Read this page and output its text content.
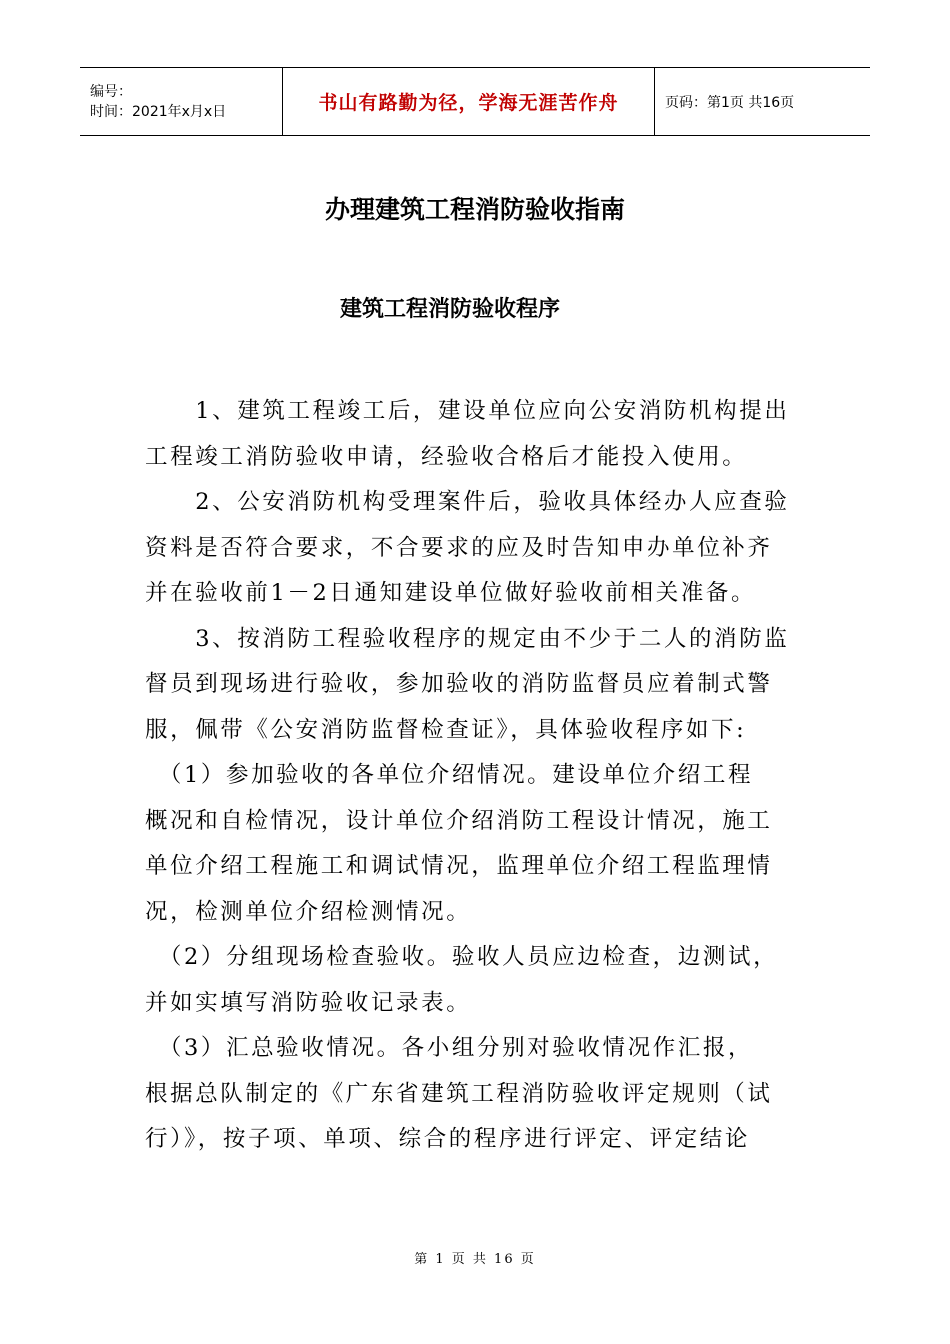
编号：
时间：2021年x月x日	书山有路勤为径，学海无涯苦作舟	页码：第1页 共16页
办理建筑工程消防验收指南
建筑工程消防验收程序
　　1、建筑工程竣工后，建设单位应向公安消防机构提出
工程竣工消防验收申请，经验收合格后才能投入使用。
　　2、公安消防机构受理案件后，验收具体经办人应查验
资料是否符合要求，不合要求的应及时告知申办单位补齐
并在验收前1－2日通知建设单位做好验收前相关准备。
　　3、按消防工程验收程序的规定由不少于二人的消防监
督员到现场进行验收，参加验收的消防监督员应着制式警
服，佩带《公安消防监督检查证》，具体验收程序如下:
　（1）参加验收的各单位介绍情况。建设单位介绍工程
概况和自检情况，设计单位介绍消防工程设计情况，施工
单位介绍工程施工和调试情况，监理单位介绍工程监理情
况，检测单位介绍检测情况。
　（2）分组现场检查验收。验收人员应边检查，边测试，
并如实填写消防验收记录表。
　（3）汇总验收情况。各小组分别对验收情况作汇报，
根据总队制定的《广东省建筑工程消防验收评定规则（试
行）》，按子项、单项、综合的程序进行评定、评定结论
第 1 页 共 16 页
